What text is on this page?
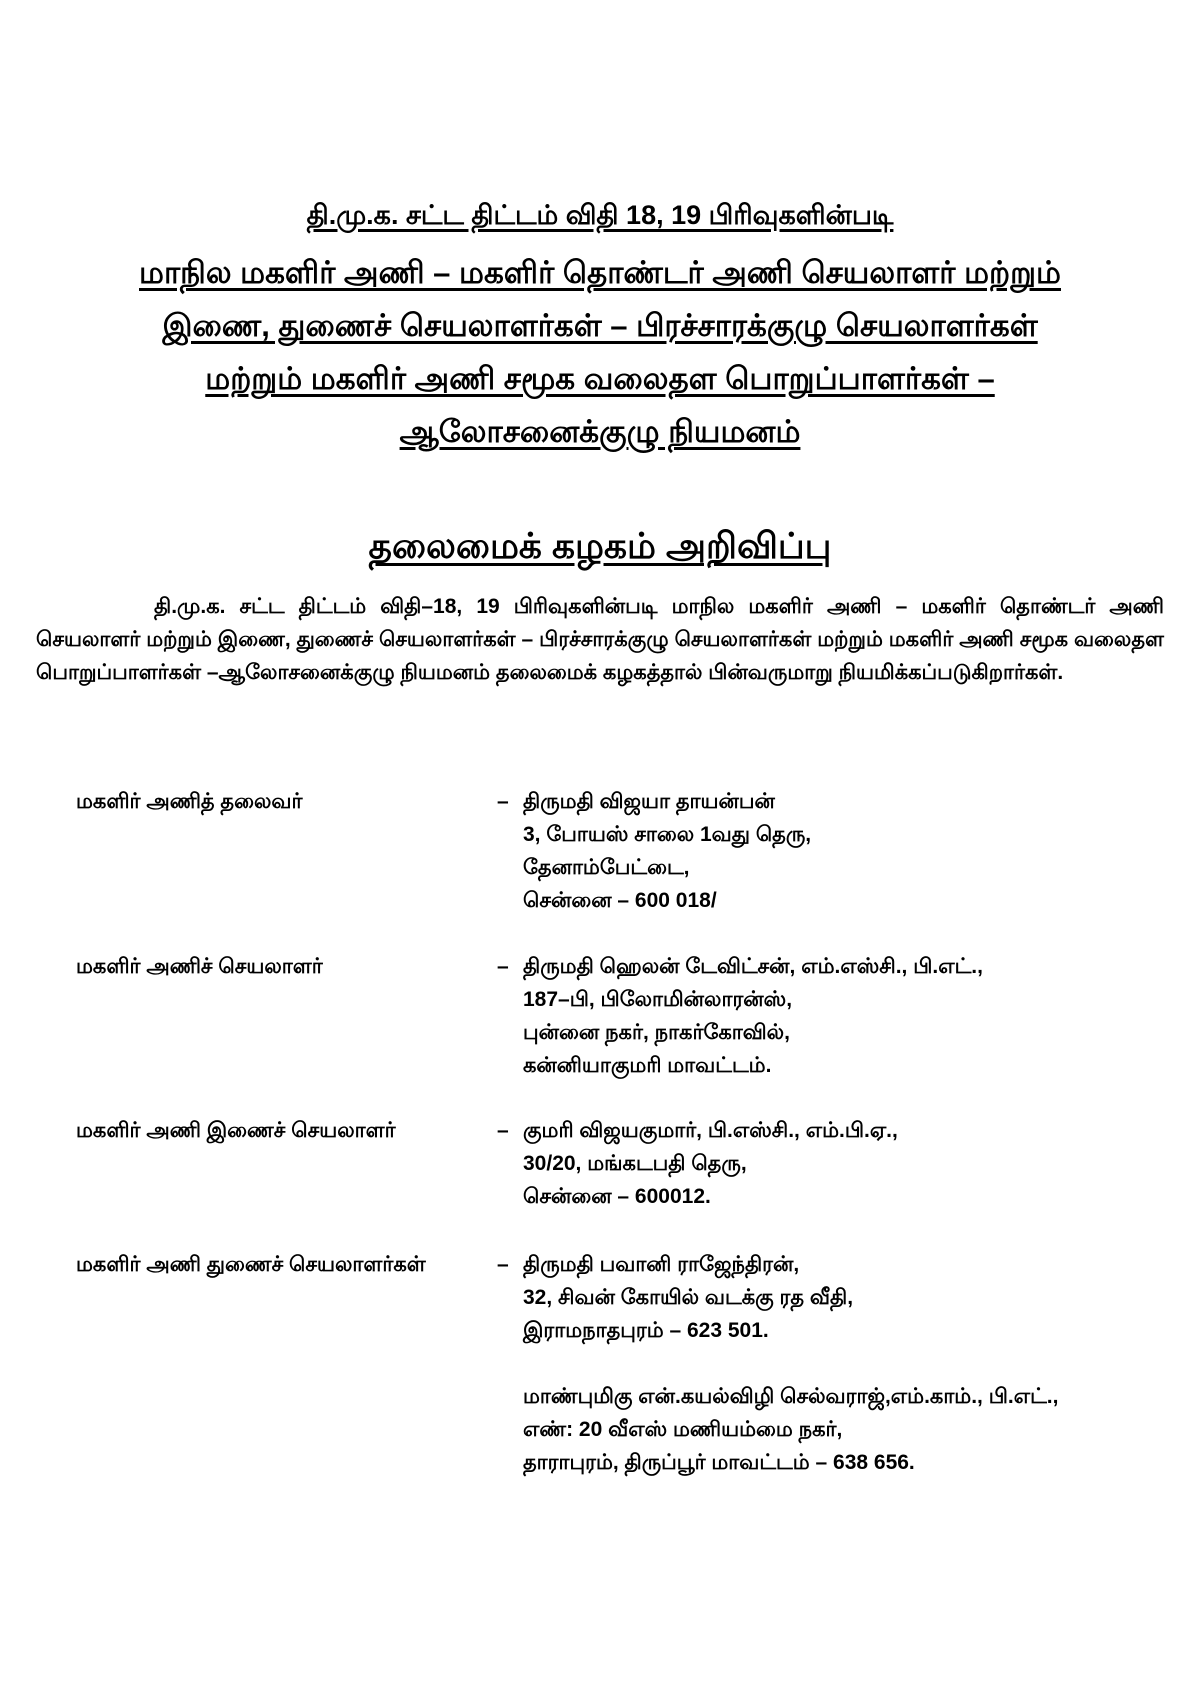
தி.மு.க. சட்ட திட்டம் விதி 18, 19 பிரிவுகளின்படி
மாநில மகளிர் அணி – மகளிர் தொண்டர் அணி செயலாளர் மற்றும்
இணை, துணைச் செயலாளர்கள் – பிரச்சாரக்குழு செயலாளர்கள்
மற்றும் மகளிர் அணி சமூக வலைதள பொறுப்பாளர்கள் –
ஆலோசனைக்குழு நியமனம்
தலைமைக் கழகம் அறிவிப்பு
தி.மு.க. சட்ட திட்டம் விதி–18, 19 பிரிவுகளின்படி மாநில மகளிர் அணி – மகளிர் தொண்டர் அணி செயலாளர் மற்றும் இணை, துணைச் செயலாளர்கள் – பிரச்சாரக்குழு செயலாளர்கள் மற்றும் மகளிர் அணி சமூக வலைதள பொறுப்பாளர்கள் –ஆலோசனைக்குழு நியமனம் தலைமைக் கழகத்தால் பின்வருமாறு நியமிக்கப்படுகிறார்கள்.
மகளிர் அணித் தலைவர்	– திருமதி விஜயா தாயன்பன்
3, போயஸ் சாலை 1வது தெரு,
தேனாம்பேட்டை,
சென்னை – 600 018/
மகளிர் அணிச் செயலாளர்	– திருமதி ஹெலன் டேவிட்சன், எம்.எஸ்சி., பி.எட்.,
187–பி, பிலோமின்லாரன்ஸ்,
புன்னை நகர், நாகர்கோவில்,
கன்னியாகுமரி மாவட்டம்.
மகளிர் அணி இணைச் செயலாளர்	– குமரி விஜயகுமார், பி.எஸ்சி., எம்.பி.ஏ.,
30/20, மங்கடபதி தெரு,
சென்னை – 600012.
மகளிர் அணி துணைச் செயலாளர்கள்	– திருமதி பவானி ராஜேந்திரன்,
32, சிவன் கோயில் வடக்கு ரத வீதி,
இராமநாதபுரம் – 623 501.
மாண்புமிகு என்.கயல்விழி செல்வராஜ்,எம்.காம்., பி.எட்.,
எண்: 20 வீஎஸ் மணியம்மை நகர்,
தாராபுரம், திருப்பூர் மாவட்டம் – 638 656.
